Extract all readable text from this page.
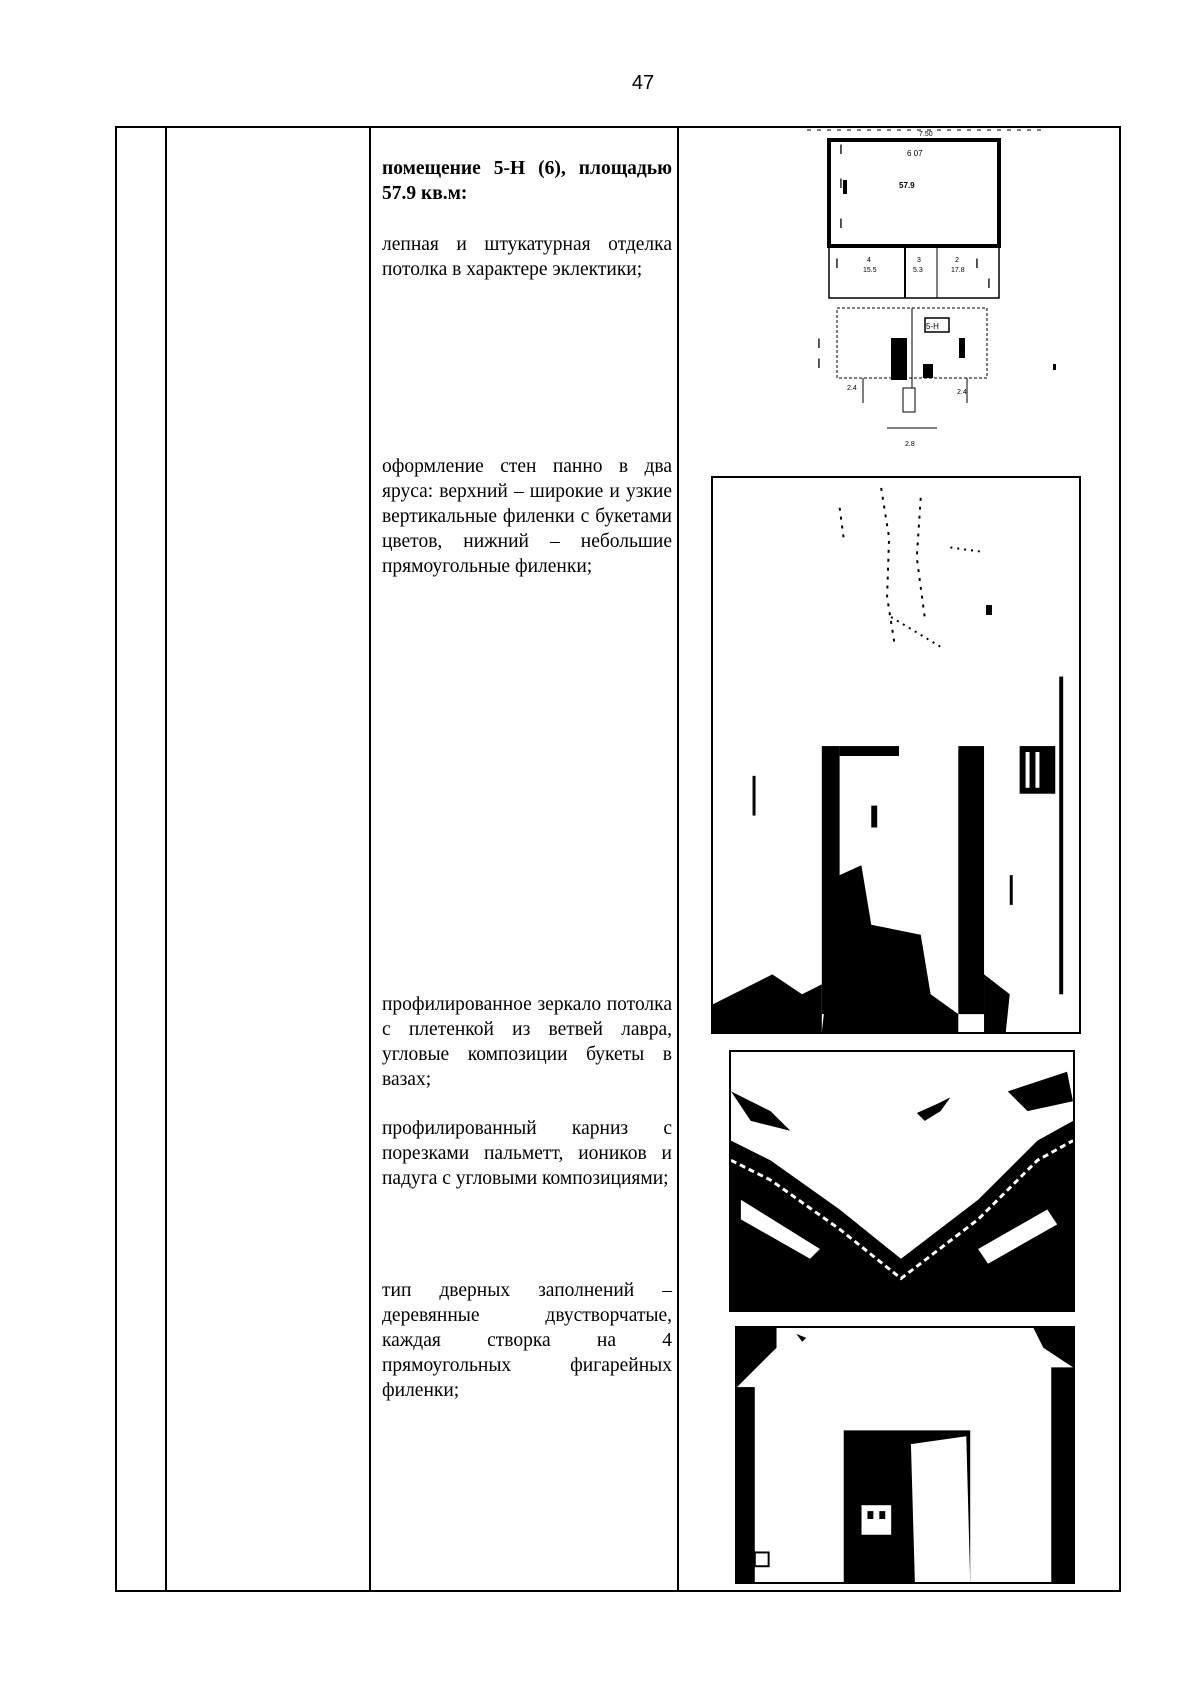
47

помещение 5-Н (6), площадью 57.9 кв.м:

лепная и штукатурная отделка потолка в характере эклектики;

оформление стен панно в два яруса: верхний – широкие и узкие вертикальные филенки с букетами цветов, нижний – небольшие прямоугольные филенки;

профилированное зеркало потолка с плетенкой из ветвей лавра, угловые композиции букеты в вазах;

профилированный карниз с порезками пальметт, иоников и падуга с угловыми композициями;

тип дверных заполнений – деревянные двустворчатые, каждая створка на 4 прямоугольных фигарейных филенки;

7.50
6 07
57.9
I
I
I
4
15.5
3
5.3
2
17.8
I	I
I
5-Н
I
I
2.4
2.4
2.8
